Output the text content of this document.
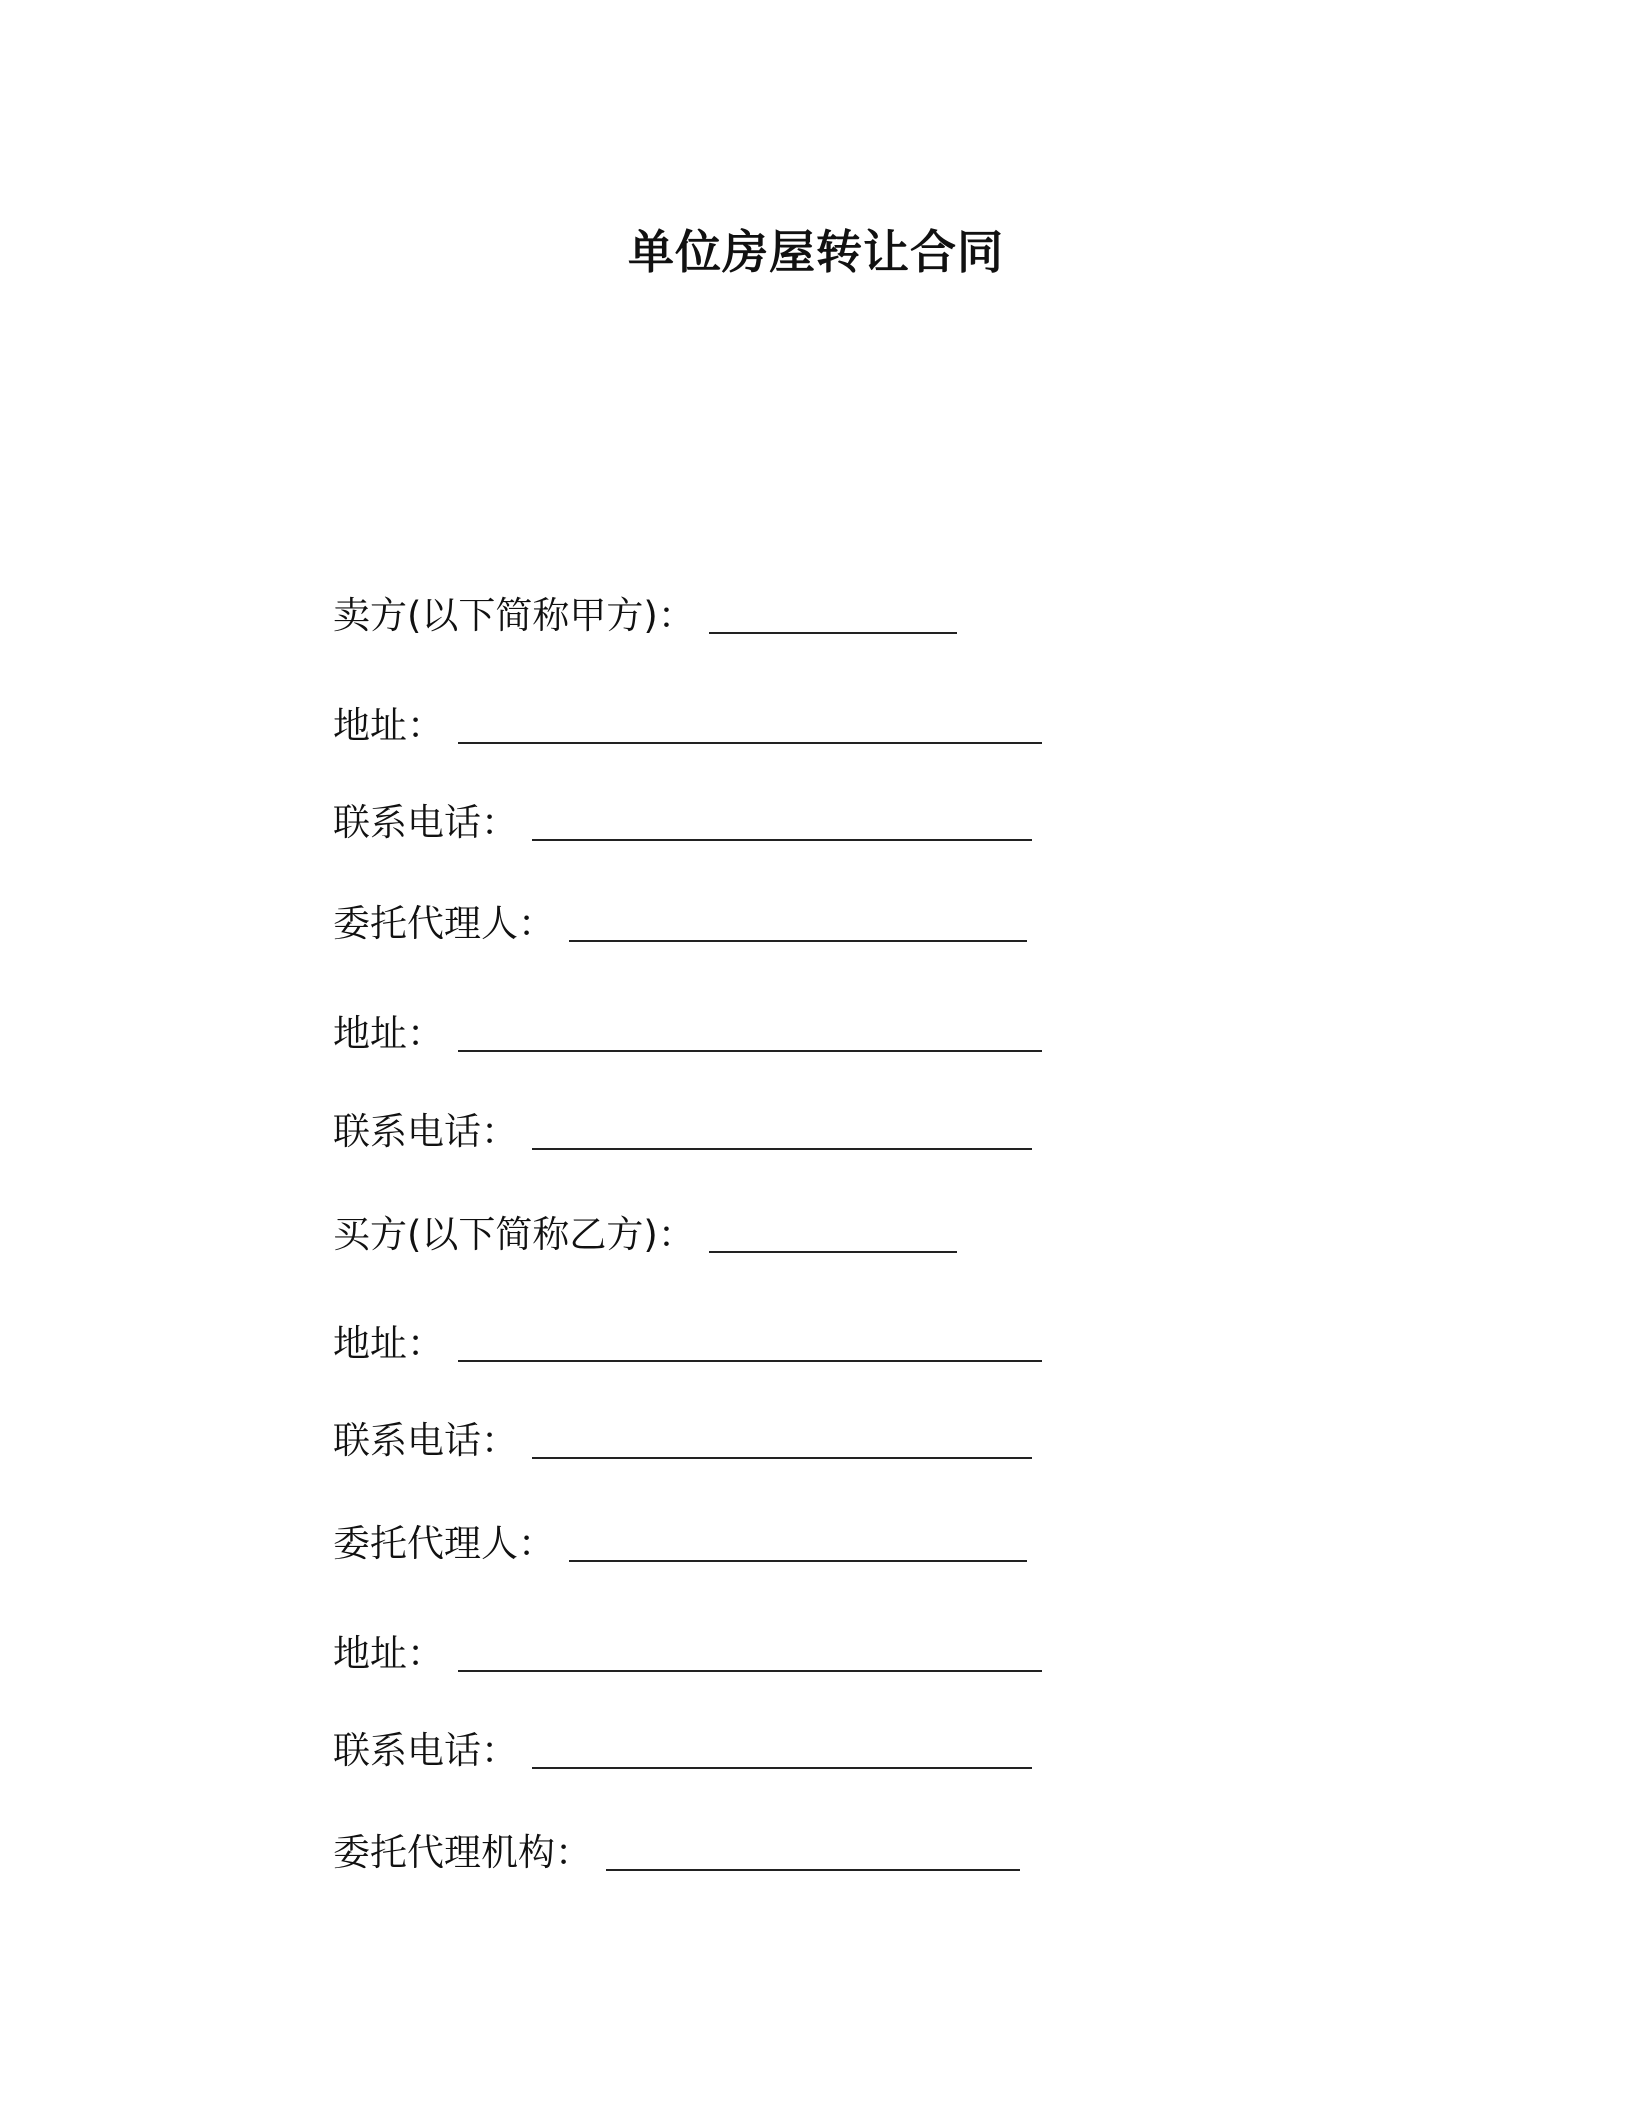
单位房屋转让合同
卖方(以下简称甲方)：
地址：
联系电话：
委托代理人：
地址：
联系电话：
买方(以下简称乙方)：
地址：
联系电话：
委托代理人：
地址：
联系电话：
委托代理机构：
